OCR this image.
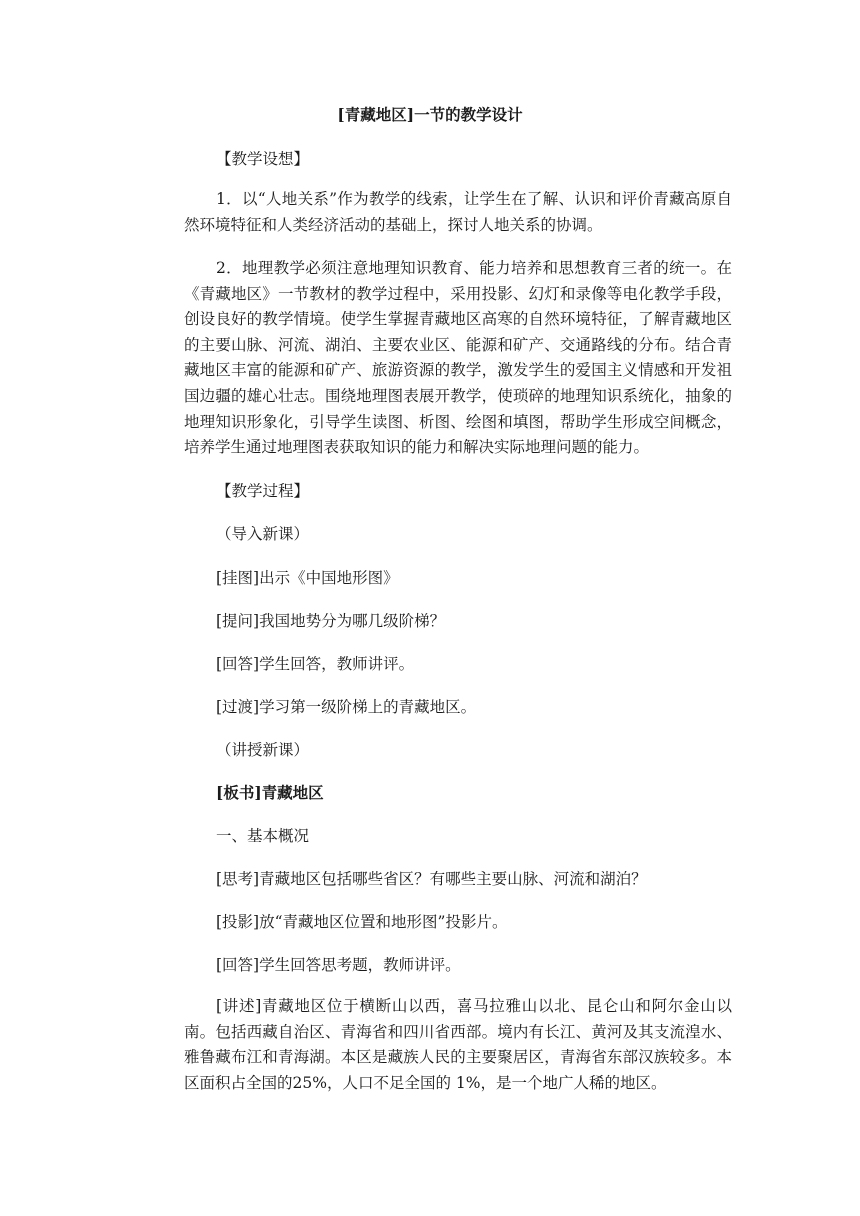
[青藏地区]一节的教学设计
【教学设想】
1．以“人地关系”作为教学的线索，让学生在了解、认识和评价青藏高原自然环境特征和人类经济活动的基础上，探讨人地关系的协调。
2．地理教学必须注意地理知识教育、能力培养和思想教育三者的统一。在《青藏地区》一节教材的教学过程中，采用投影、幻灯和录像等电化教学手段，创设良好的教学情境。使学生掌握青藏地区高寒的自然环境特征，了解青藏地区的主要山脉、河流、湖泊、主要农业区、能源和矿产、交通路线的分布。结合青藏地区丰富的能源和矿产、旅游资源的教学，激发学生的爱国主义情感和开发祖国边疆的雄心壮志。围绕地理图表展开教学，使琐碎的地理知识系统化，抽象的地理知识形象化，引导学生读图、析图、绘图和填图，帮助学生形成空间概念，培养学生通过地理图表获取知识的能力和解决实际地理问题的能力。
【教学过程】
（导入新课）
[挂图]出示《中国地形图》
[提问]我国地势分为哪几级阶梯？
[回答]学生回答，教师讲评。
[过渡]学习第一级阶梯上的青藏地区。
（讲授新课）
[板书]青藏地区
一、基本概况
[思考]青藏地区包括哪些省区？有哪些主要山脉、河流和湖泊？
[投影]放“青藏地区位置和地形图”投影片。
[回答]学生回答思考题，教师讲评。
[讲述]青藏地区位于横断山以西，喜马拉雅山以北、昆仑山和阿尔金山以南。包括西藏自治区、青海省和四川省西部。境内有长江、黄河及其支流湟水、雅鲁藏布江和青海湖。本区是藏族人民的主要聚居区，青海省东部汉族较多。本区面积占全国的25%，人口不足全国的 1%，是一个地广人稀的地区。
